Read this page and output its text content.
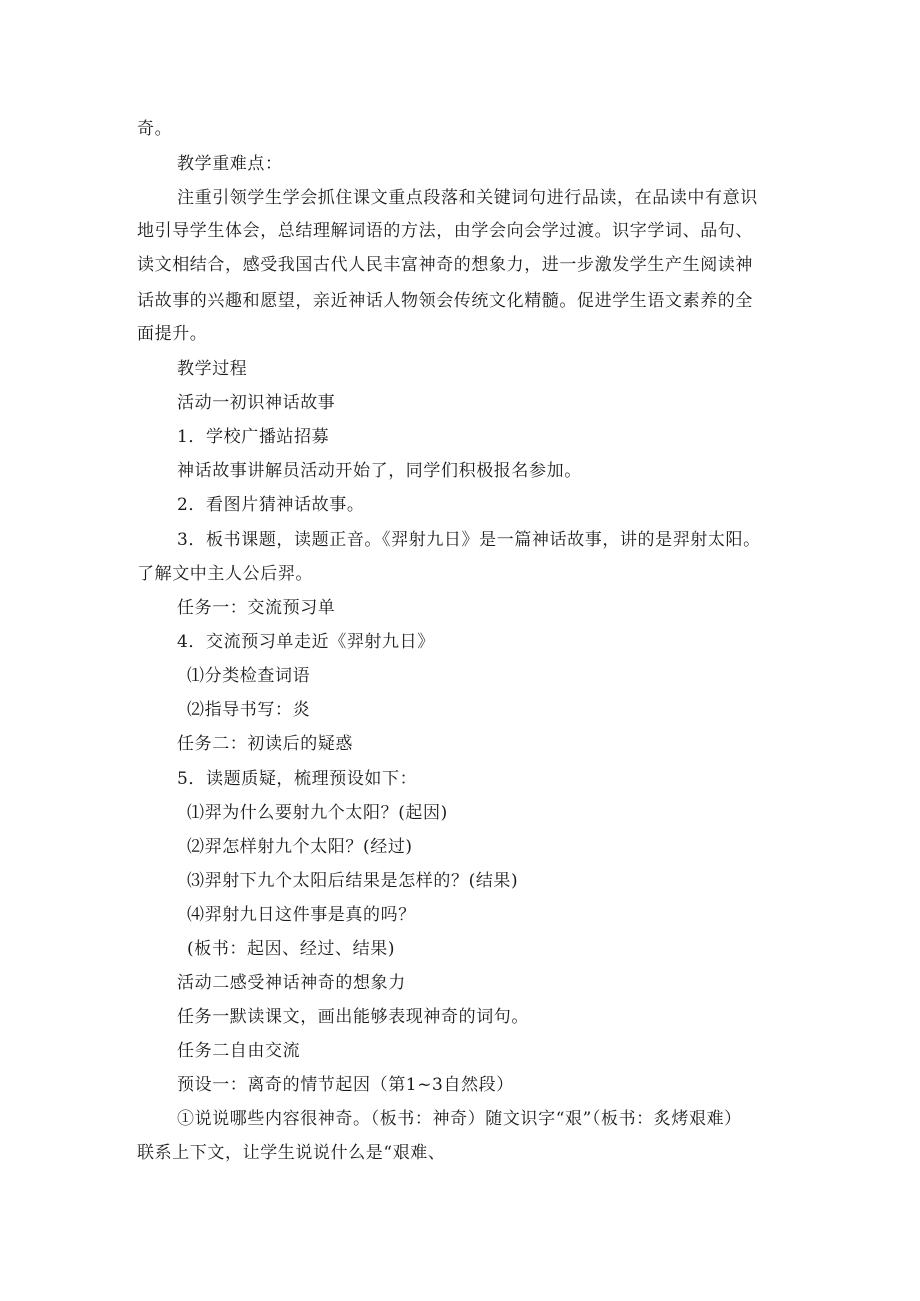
奇。
教学重难点：
注重引领学生学会抓住课文重点段落和关键词句进行品读，在品读中有意识
地引导学生体会，总结理解词语的方法，由学会向会学过渡。识字学词、品句、
读文相结合，感受我国古代人民丰富神奇的想象力，进一步激发学生产生阅读神
话故事的兴趣和愿望，亲近神话人物领会传统文化精髓。促进学生语文素养的全
面提升。
教学过程
活动一初识神话故事
1．学校广播站招募
神话故事讲解员活动开始了，同学们积极报名参加。
2．看图片猜神话故事。
3．板书课题，读题正音。《羿射九日》是一篇神话故事，讲的是羿射太阳。
了解文中主人公后羿。
任务一：交流预习单
4．交流预习单走近《羿射九日》
⑴分类检查词语
⑵指导书写：炎
任务二：初读后的疑惑
5．读题质疑，梳理预设如下：
⑴羿为什么要射九个太阳？(起因)
⑵羿怎样射九个太阳？(经过)
⑶羿射下九个太阳后结果是怎样的？(结果)
⑷羿射九日这件事是真的吗？
(板书：起因、经过、结果)
活动二感受神话神奇的想象力
任务一默读课文，画出能够表现神奇的词句。
任务二自由交流
预设一：离奇的情节起因（第1~3自然段）
①说说哪些内容很神奇。（板书：神奇）随文识字“艰”（板书：炙烤艰难）
联系上下文，让学生说说什么是“艰难、
